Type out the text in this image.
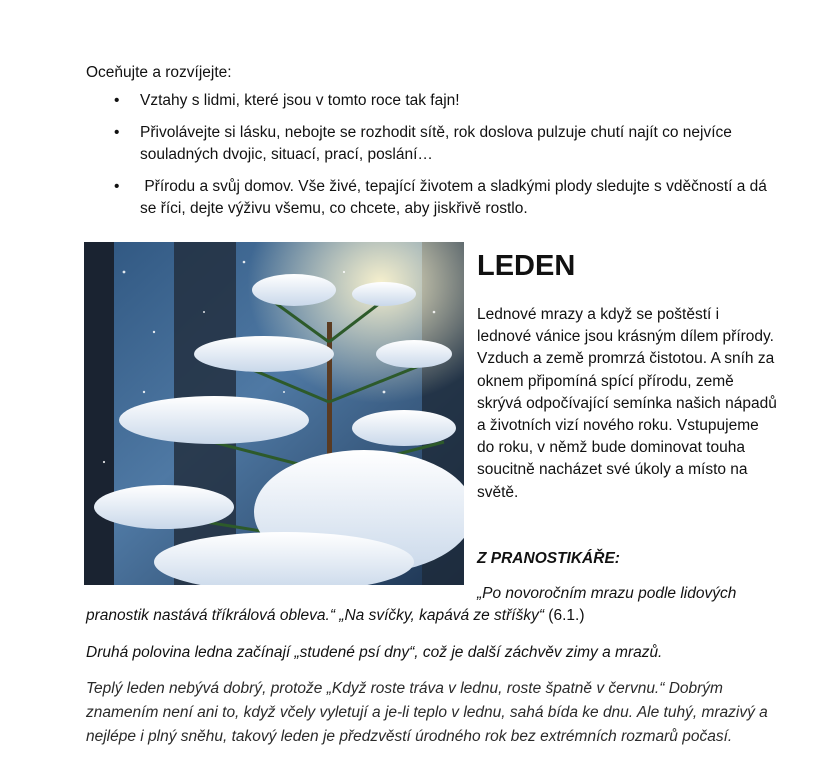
Oceňujte a rozvíjejte:
• Vztahy s lidmi, které jsou v tomto roce tak fajn!
• Přivolávejte si lásku, nebojte se rozhodit sítě, rok doslova pulzuje chutí najít co nejvíce souladných dvojic, situací, prací, poslání…
• Přírodu a svůj domov. Vše živé, tepající životem a sladkými plody sledujte s vděčností a dá se říci, dejte výživu všemu, co chcete, aby jiskřivě rostlo.
LEDEN

Lednové mrazy a když se poštěstí i lednové vánice jsou krásným dílem přírody. Vzduch a země promrzá čistotou. A sníh za oknem připomíná spící přírodu, země skrývá odpočívající semínka našich nápadů a životních vizí nového roku. Vstupujeme do roku, v němž bude dominovat touha soucitně nacházet své úkoly a místo na světě.

Z PRANOSTIKÁŘE:

„Po novoročním mrazu podle lidových pranostik nastává tříkrálová obleva.“ „Na svíčky, kapává ze stříšky“ (6.1.)

Druhá polovina ledna začínají „studené psí dny“, což je další záchvěv zimy a mrazů.

Teplý leden nebývá dobrý, protože „Když roste tráva v lednu, roste špatně v červnu.“ Dobrým znamením není ani to, když včely vyletují a je-li teplo v lednu, sahá bída ke dnu. Ale tuhý, mrazivý a nejlépe i plný sněhu, takový leden je předzvěstí úrodného rok bez extrémních rozmarů počasí.
